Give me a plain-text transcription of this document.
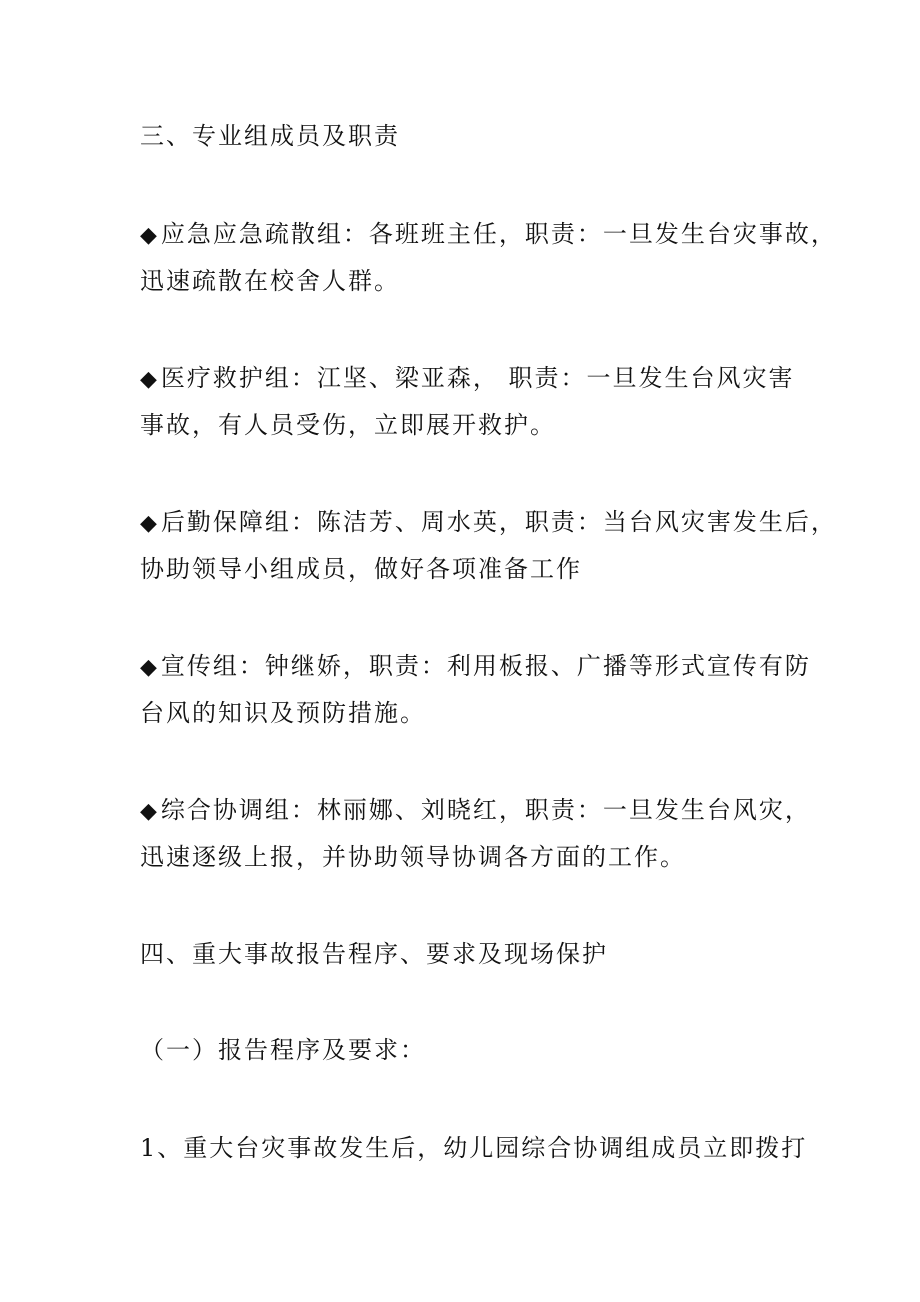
三、专业组成员及职责
◆应急应急疏散组：各班班主任，职责：一旦发生台灾事故，
迅速疏散在校舍人群。
◆医疗救护组：江坚、梁亚森， 职责：一旦发生台风灾害
事故，有人员受伤，立即展开救护。
◆后勤保障组：陈洁芳、周水英，职责：当台风灾害发生后，
协助领导小组成员，做好各项准备工作
◆宣传组：钟继娇，职责：利用板报、广播等形式宣传有防
台风的知识及预防措施。
◆综合协调组：林丽娜、刘晓红，职责：一旦发生台风灾，
迅速逐级上报，并协助领导协调各方面的工作。
四、重大事故报告程序、要求及现场保护
（一）报告程序及要求：
1、重大台灾事故发生后，幼儿园综合协调组成员立即拨打
